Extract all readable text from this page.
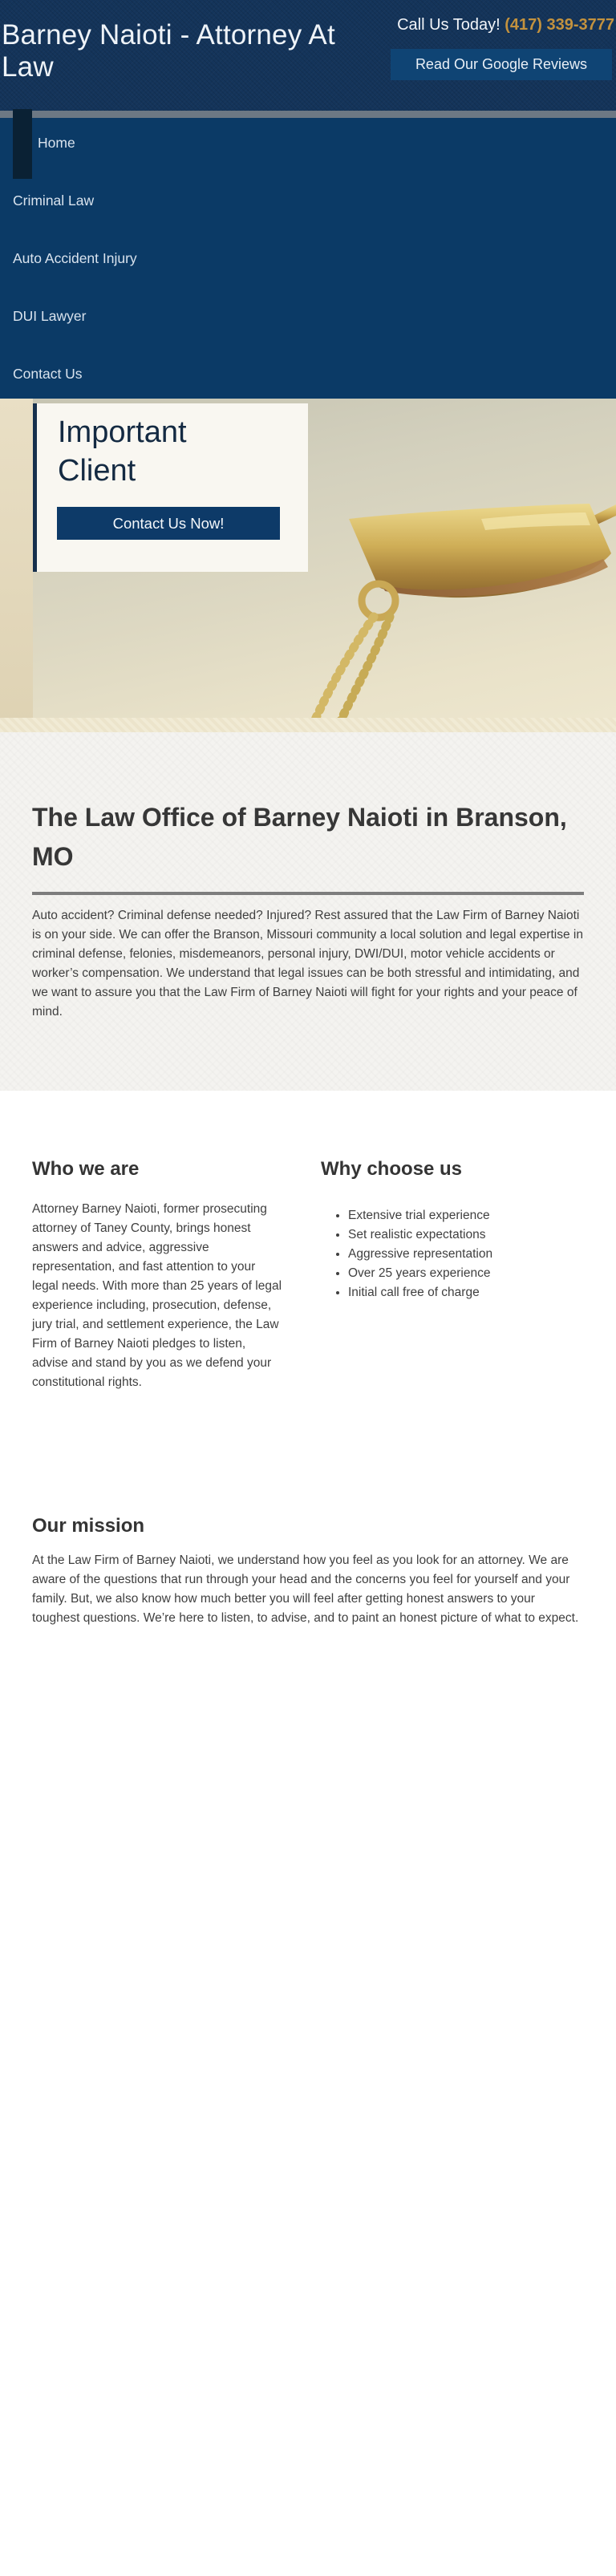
Barney Naioti - Attorney At Law
Call Us Today! (417) 339-3777
Read Our Google Reviews
Home
Criminal Law
Auto Accident Injury
DUI Lawyer
Contact Us
Important Client
Contact Us Now!
The Law Office of Barney Naioti in Branson, MO

Auto accident? Criminal defense needed? Injured? Rest assured that the Law Firm of Barney Naioti is on your side. We can offer the Branson, Missouri community a local solution and legal expertise in criminal defense, felonies, misdemeanors, personal injury, DWI/DUI, motor vehicle accidents or worker’s compensation. We understand that legal issues can be both stressful and intimidating, and we want to assure you that the Law Firm of Barney Naioti will fight for your rights and your peace of mind.

Who we are

Attorney Barney Naioti, former prosecuting attorney of Taney County, brings honest answers and advice, aggressive representation, and fast attention to your legal needs. With more than 25 years of legal experience including, prosecution, defense, jury trial, and settlement experience, the Law Firm of Barney Naioti pledges to listen, advise and stand by you as we defend your constitutional rights.

Why choose us
• Extensive trial experience
• Set realistic expectations
• Aggressive representation
• Over 25 years experience
• Initial call free of charge
Our mission

At the Law Firm of Barney Naioti, we understand how you feel as you look for an attorney. We are aware of the questions that run through your head and the concerns you feel for yourself and your family. But, we also know how much better you will feel after getting honest answers to your toughest questions. We’re here to listen, to advise, and to paint an honest picture of what to expect.
